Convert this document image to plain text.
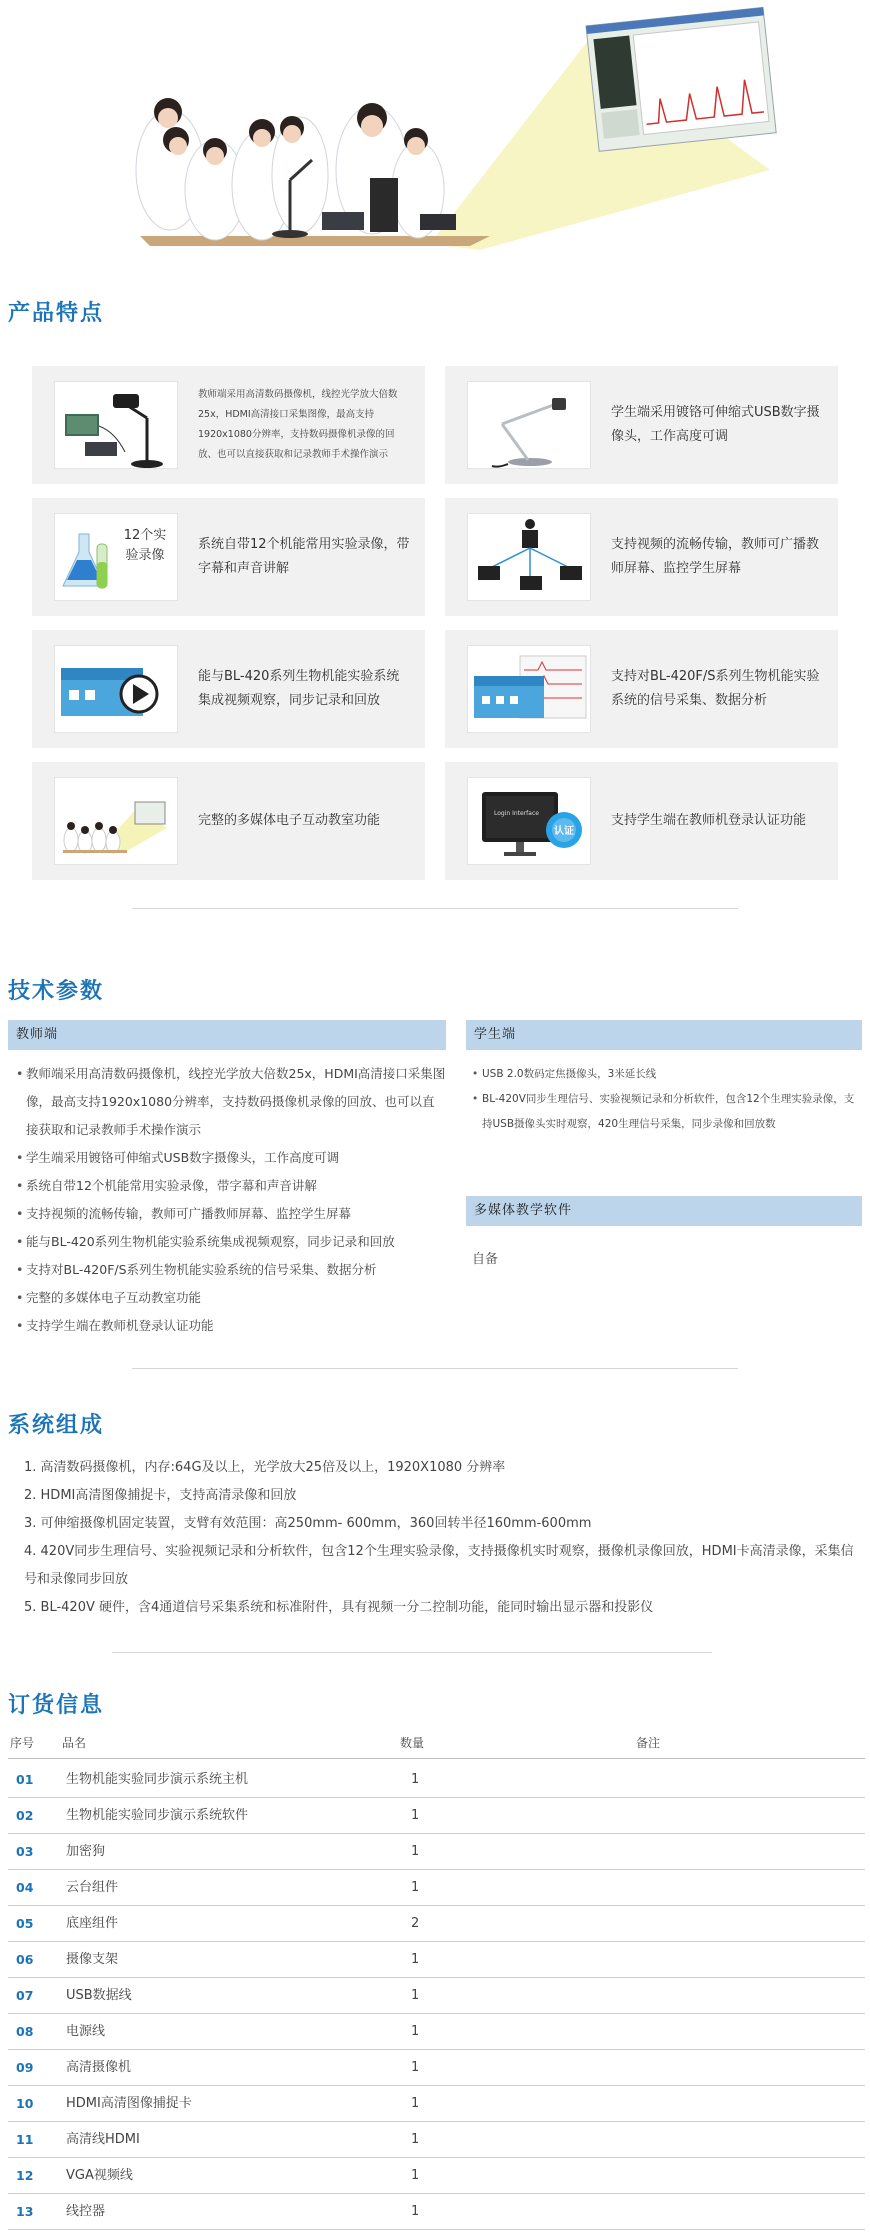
产品特点
教师端采用高清数码摄像机，线控光学放大倍数25x，HDMI高清接口采集图像，最高支持1920x1080分辨率，支持数码摄像机录像的回放、也可以直接获取和记录教师手术操作演示
学生端采用镀铬可伸缩式USB数字摄像头，工作高度可调
12个实验录像
系统自带12个机能常用实验录像，带字幕和声音讲解
支持视频的流畅传输，教师可广播教师屏幕、监控学生屏幕
能与BL-420系列生物机能实验系统集成视频观察，同步记录和回放
支持对BL-420F/S系列生物机能实验系统的信号采集、数据分析
完整的多媒体电子互动教室功能	Login Interface
认证
支持学生端在教师机登录认证功能
技术参数
教师端
• 教师端采用高清数码摄像机，线控光学放大倍数25x，HDMI高清接口采集图像，最高支持1920x1080分辨率，支持数码摄像机录像的回放、也可以直接获取和记录教师手术操作演示
• 学生端采用镀铬可伸缩式USB数字摄像头，工作高度可调
• 系统自带12个机能常用实验录像，带字幕和声音讲解
• 支持视频的流畅传输，教师可广播教师屏幕、监控学生屏幕
• 能与BL-420系列生物机能实验系统集成视频观察，同步记录和回放
• 支持对BL-420F/S系列生物机能实验系统的信号采集、数据分析
• 完整的多媒体电子互动教室功能
• 支持学生端在教师机登录认证功能
学生端
• USB 2.0数码定焦摄像头，3米延长线
• BL-420V同步生理信号、实验视频记录和分析软件，包含12个生理实验录像，支持USB摄像头实时观察，420生理信号采集，同步录像和回放数
多媒体教学软件
自备
系统组成
1. 高清数码摄像机，内存:64G及以上，光学放大25倍及以上，1920X1080 分辨率
2. HDMI高清图像捕捉卡，支持高清录像和回放
3. 可伸缩摄像机固定装置，支臂有效范围：高250mm- 600mm，360回转半径160mm-600mm
4. 420V同步生理信号、实验视频记录和分析软件，包含12个生理实验录像，支持摄像机实时观察，摄像机录像回放，HDMI卡高清录像，采集信号和录像同步回放
5. BL-420V 硬件，含4通道信号采集系统和标准附件，具有视频一分二控制功能，能同时输出显示器和投影仪
订货信息
序号 品名	数量	备注
01	生物机能实验同步演示系统主机	1
02	生物机能实验同步演示系统软件	1
03	加密狗	1
04	云台组件	1
05	底座组件	2
06	摄像支架	1
07	USB数据线	1
08	电源线	1
09	高清摄像机	1
10	HDMI高清图像捕捉卡	1
11	高清线HDMI	1
12	VGA视频线	1
13	线控器	1
